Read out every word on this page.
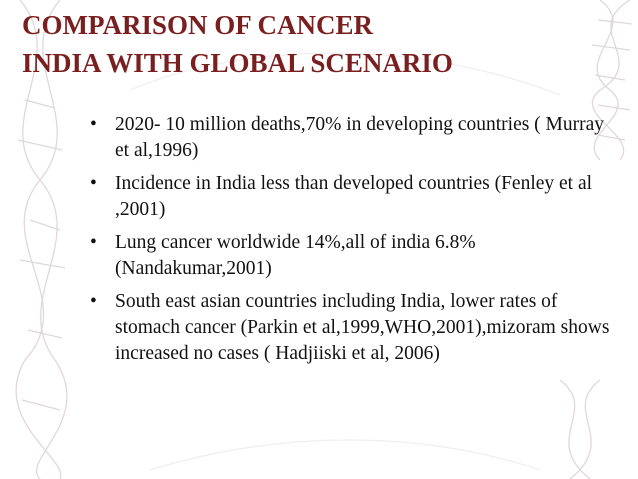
COMPARISON OF CANCER
INDIA WITH GLOBAL SCENARIO
• 2020- 10 million deaths,70% in developing countries ( Murray et al,1996)
• Incidence in India less than developed countries (Fenley et al ,2001)
• Lung cancer worldwide 14%,all of india 6.8%(Nandakumar,2001)
• South east asian countries including India, lower rates of stomach cancer (Parkin et al,1999,WHO,2001),mizoram shows increased no cases ( Hadjiiski et al, 2006)
